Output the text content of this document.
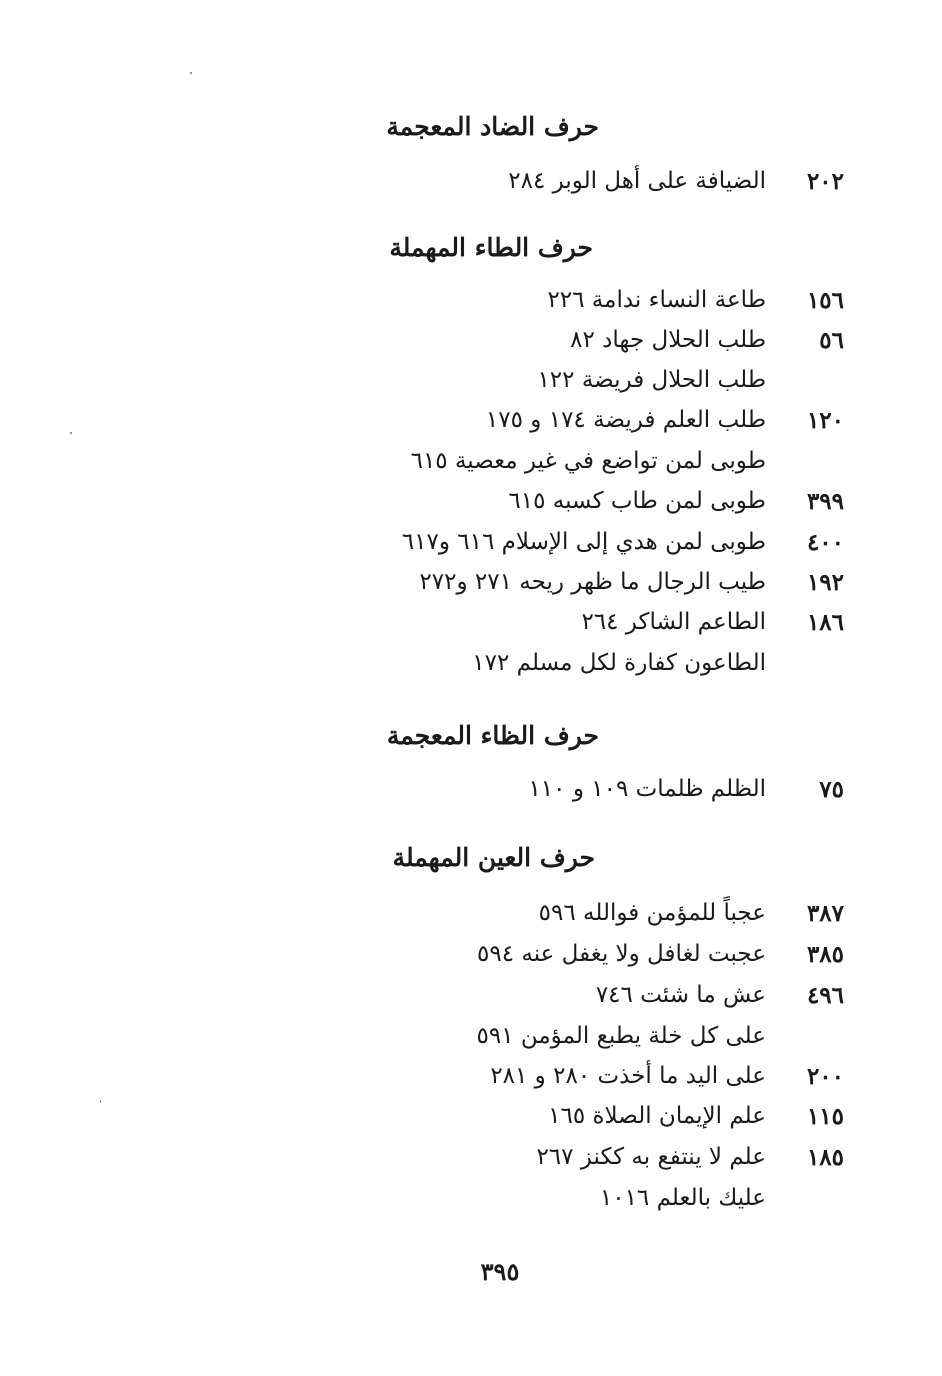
حرف الضاد المعجمة
٢٠٢
الضيافة على أهل الوبر ٢٨٤
حرف الطاء المهملة
١٥٦
طاعة النساء ندامة ٢٢٦
٥٦
طلب الحلال جهاد ٨٢
طلب الحلال فريضة ١٢٢
١٢٠
طلب العلم فريضة ١٧٤ و ١٧٥
طوبى لمن تواضع في غير معصية ٦١٥
٣٩٩
طوبى لمن طاب كسبه ٦١٥
٤٠٠
طوبى لمن هدي إلى الإسلام ٦١٦ و٦١٧
١٩٢
طيب الرجال ما ظهر ريحه ٢٧١ و٢٧٢
١٨٦
الطاعم الشاكر ٢٦٤
الطاعون كفارة لكل مسلم ١٧٢
حرف الظاء المعجمة
٧٥
الظلم ظلمات ١٠٩ و ١١٠
حرف العين المهملة
٣٨٧
عجباً للمؤمن فوالله ٥٩٦
٣٨٥
عجبت لغافل ولا يغفل عنه ٥٩٤
٤٩٦
عش ما شئت ٧٤٦
على كل خلة يطبع المؤمن ٥٩١
٢٠٠
على اليد ما أخذت ٢٨٠ و ٢٨١
١١٥
علم الإيمان الصلاة ١٦٥
١٨٥
علم لا ينتفع به ككنز ٢٦٧
عليك بالعلم ١٠١٦
٣٩٥
